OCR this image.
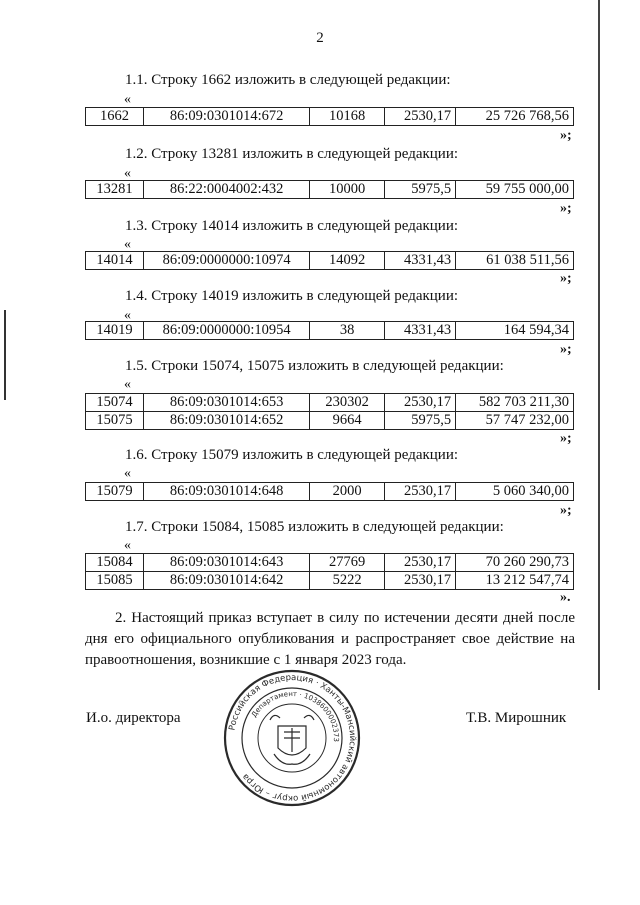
2
1.1. Строку 1662 изложить в следующей редакции:
«
1662	86:09:0301014:672	10168	2530,17	25 726 768,56
»;
1.2. Строку 13281 изложить в следующей редакции:
«
13281	86:22:0004002:432	10000	5975,5	59 755 000,00
»;
1.3. Строку 14014 изложить в следующей редакции:
«
14014	86:09:0000000:10974	14092	4331,43	61 038 511,56
»;
1.4. Строку 14019 изложить в следующей редакции:
«
14019	86:09:0000000:10954	38	4331,43	164 594,34
»;
1.5. Строки 15074, 15075 изложить в следующей редакции:
«
15074	86:09:0301014:653	230302	2530,17	582 703 211,30
15075	86:09:0301014:652	9664	5975,5	57 747 232,00
»;
1.6. Строку 15079 изложить в следующей редакции:
«
15079	86:09:0301014:648	2000	2530,17	5 060 340,00
»;
1.7. Строки 15084, 15085 изложить в следующей редакции:
«
15084	86:09:0301014:643	27769	2530,17	70 260 290,73
15085	86:09:0301014:642	5222	2530,17	13 212 547,74
».
2. Настоящий приказ вступает в силу по истечении десяти дней после дня его официального опубликования и распространяет свое действие на правоотношения, возникшие с 1 января 2023 года.
И.о. директора	Т.В. Мирошник
Российская Федерация · Ханты-Мансийский автономный округ – Югра
Департамент · 1038600002373
